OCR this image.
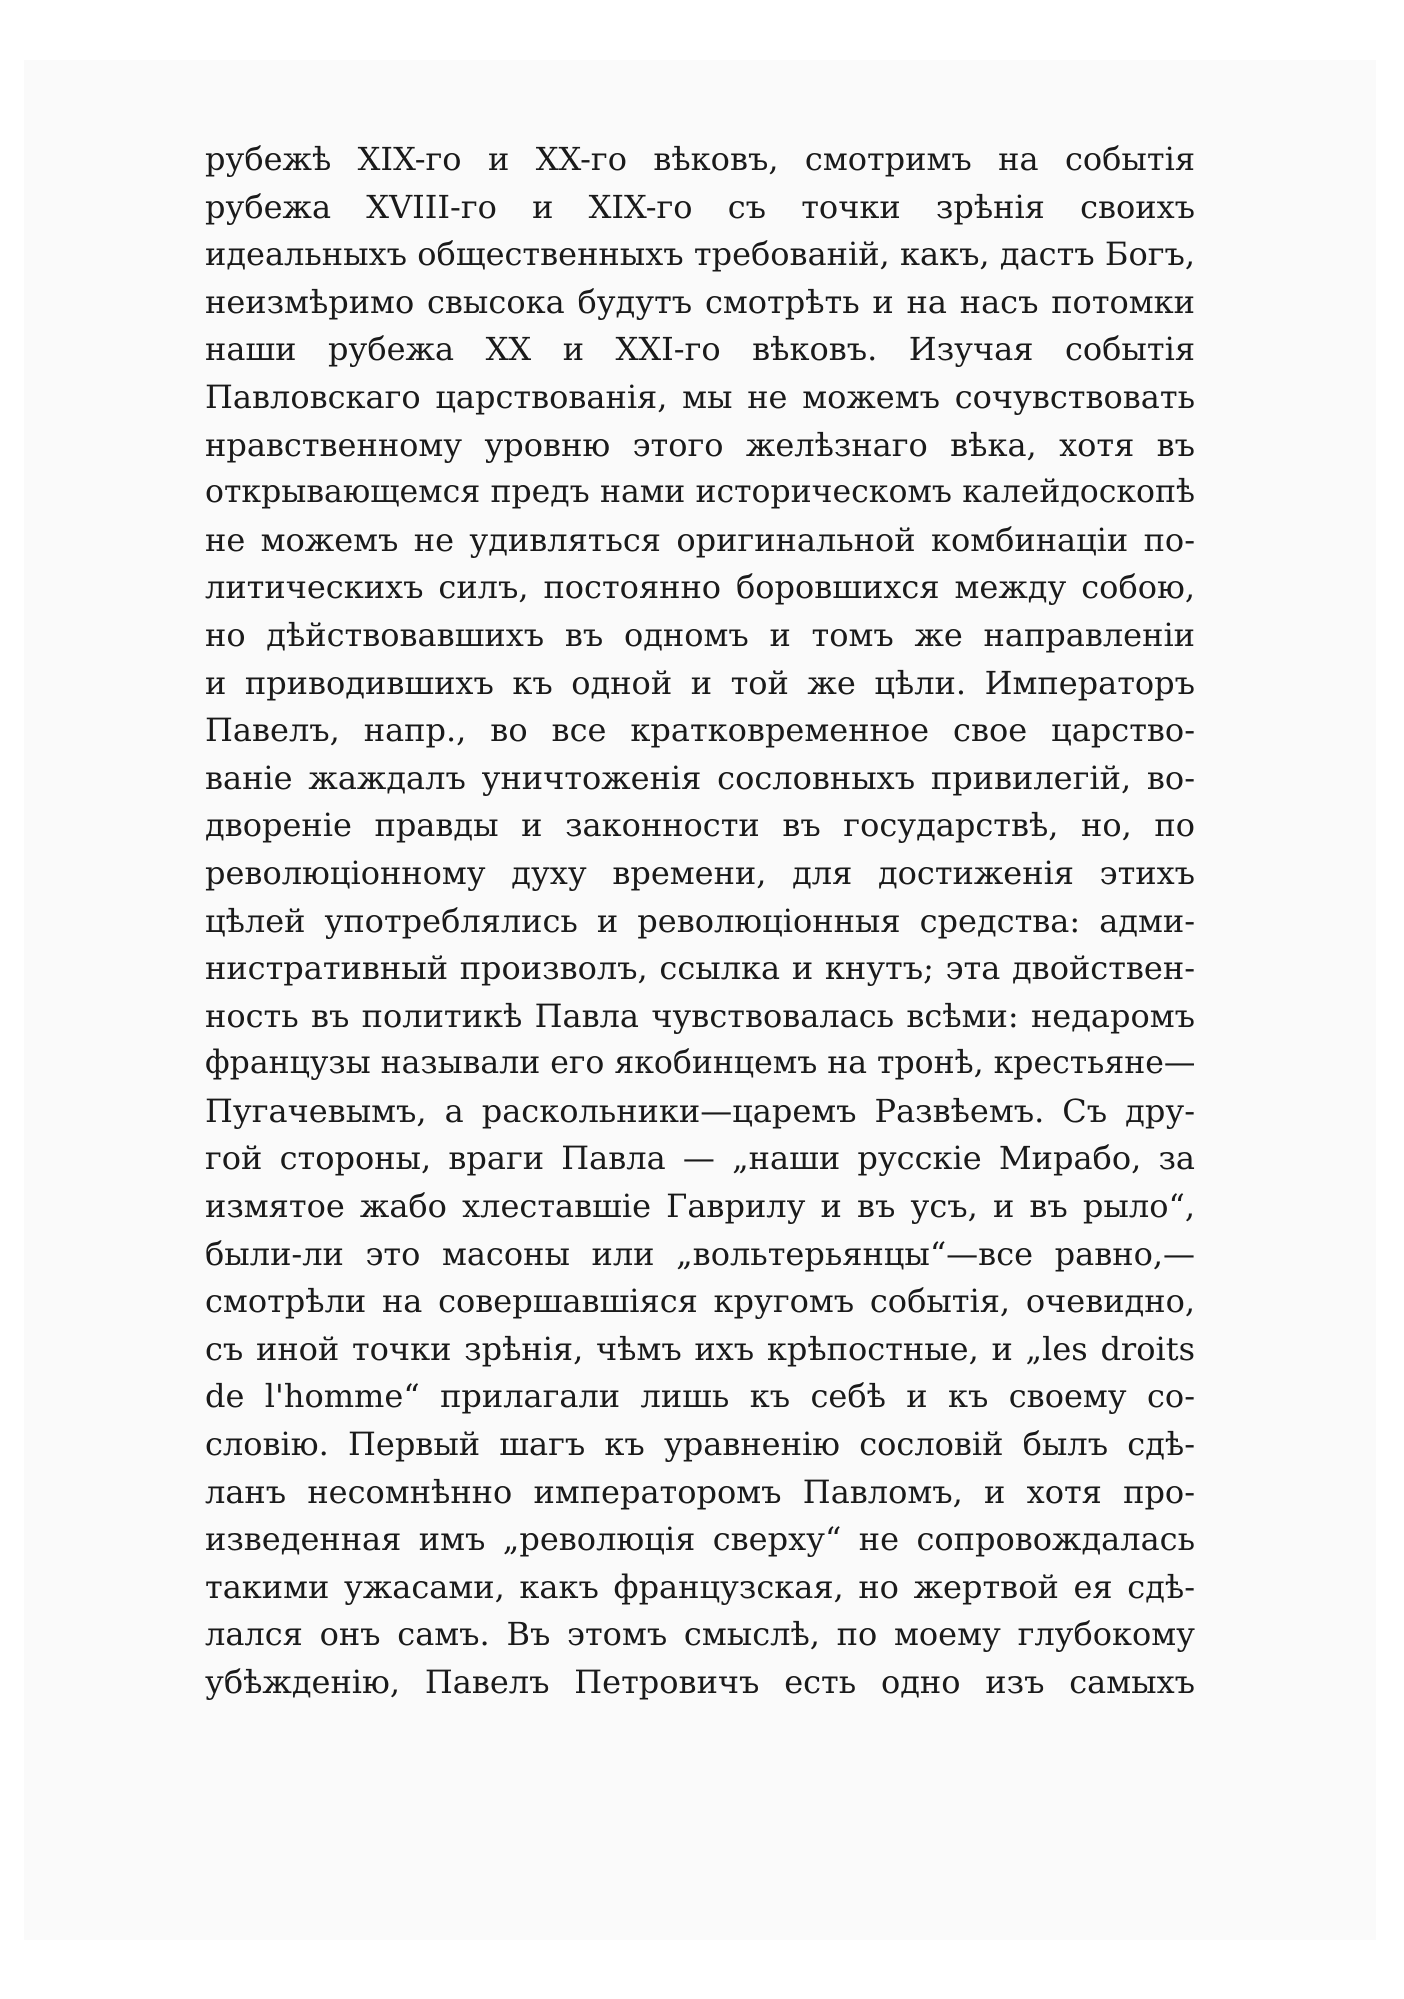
рубежѣ XIX-го и XX-го вѣковъ, смотримъ на событія
рубежа XVIII-го и XIX-го съ точки зрѣнія своихъ
идеальныхъ общественныхъ требованій, какъ, дастъ Богъ,
неизмѣримо свысока будутъ смотрѣть и на насъ потомки
наши рубежа XX и XXI-го вѣковъ. Изучая событія
Павловскаго царствованія, мы не можемъ сочувствовать
нравственному уровню этого желѣзнаго вѣка, хотя въ
открывающемся предъ нами историческомъ калейдоскопѣ
не можемъ не удивляться оригинальной комбинаціи по-
литическихъ силъ, постоянно боровшихся между собою,
но дѣйствовавшихъ въ одномъ и томъ же направленіи
и приводившихъ къ одной и той же цѣли. Императоръ
Павелъ, напр., во все кратковременное свое царство-
ваніе жаждалъ уничтоженія сословныхъ привилегій, во-
двореніе правды и законности въ государствѣ, но, по
революціонному духу времени, для достиженія этихъ
цѣлей употреблялись и революціонныя средства: адми-
нистративный произволъ, ссылка и кнутъ; эта двойствен-
ность въ политикѣ Павла чувствовалась всѣми: недаромъ
французы называли его якобинцемъ на тронѣ, крестьяне—
Пугачевымъ, а раскольники—царемъ Развѣемъ. Съ дру-
гой стороны, враги Павла — „наши русскіе Мирабо, за
измятое жабо хлеставшіе Гаврилу и въ усъ, и въ рыло“,
были-ли это масоны или „вольтерьянцы“—все равно,—
смотрѣли на совершавшіяся кругомъ событія, очевидно,
съ иной точки зрѣнія, чѣмъ ихъ крѣпостные, и „les droits
de l'homme“ прилагали лишь къ себѣ и къ своему со-
словію. Первый шагъ къ уравненію сословій былъ сдѣ-
ланъ несомнѣнно императоромъ Павломъ, и хотя про-
изведенная имъ „революція сверху“ не сопровождалась
такими ужасами, какъ французская, но жертвой ея сдѣ-
лался онъ самъ. Въ этомъ смыслѣ, по моему глубокому
убѣжденію, Павелъ Петровичъ есть одно изъ самыхъ
